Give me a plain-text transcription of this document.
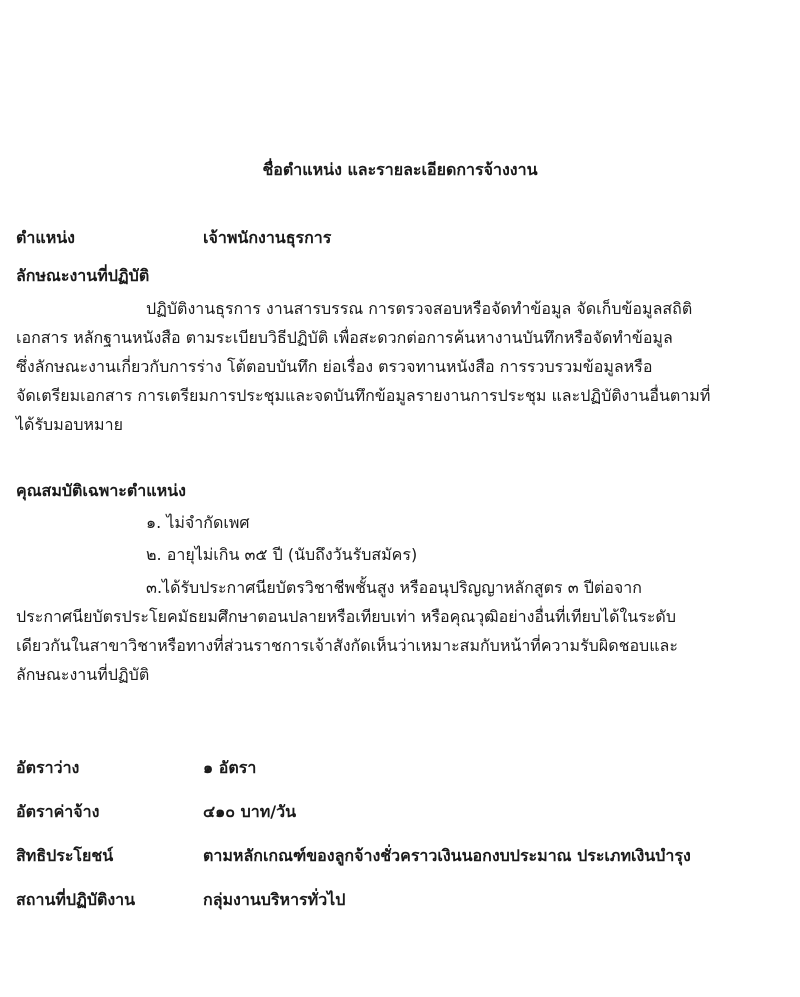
ชื่อตำแหน่ง และรายละเอียดการจ้างงาน
ตำแหน่ง	เจ้าพนักงานธุรการ
ลักษณะงานที่ปฏิบัติ
ปฏิบัติงานธุรการ งานสารบรรณ การตรวจสอบหรือจัดทำข้อมูล จัดเก็บข้อมูลสถิติ
เอกสาร หลักฐานหนังสือ ตามระเบียบวิธีปฏิบัติ เพื่อสะดวกต่อการค้นหางานบันทึกหรือจัดทำข้อมูล
ซึ่งลักษณะงานเกี่ยวกับการร่าง โต้ตอบบันทึก ย่อเรื่อง ตรวจทานหนังสือ การรวบรวมข้อมูลหรือ
จัดเตรียมเอกสาร การเตรียมการประชุมและจดบันทึกข้อมูลรายงานการประชุม และปฏิบัติงานอื่นตามที่
ได้รับมอบหมาย
คุณสมบัติเฉพาะตำแหน่ง
๑. ไม่จำกัดเพศ
๒. อายุไม่เกิน ๓๕ ปี (นับถึงวันรับสมัคร)
๓.ได้รับประกาศนียบัตรวิชาชีพชั้นสูง หรืออนุปริญญาหลักสูตร ๓ ปีต่อจาก
ประกาศนียบัตรประโยคมัธยมศึกษาตอนปลายหรือเทียบเท่า หรือคุณวุฒิอย่างอื่นที่เทียบได้ในระดับ
เดียวกันในสาขาวิชาหรือทางที่ส่วนราชการเจ้าสังกัดเห็นว่าเหมาะสมกับหน้าที่ความรับผิดชอบและ
ลักษณะงานที่ปฏิบัติ
อัตราว่าง	๑ อัตรา
อัตราค่าจ้าง	๔๑๐ บาท/วัน
สิทธิประโยชน์	ตามหลักเกณฑ์ของลูกจ้างชั่วคราวเงินนอกงบประมาณ ประเภทเงินบำรุง
สถานที่ปฏิบัติงาน	กลุ่มงานบริหารทั่วไป
